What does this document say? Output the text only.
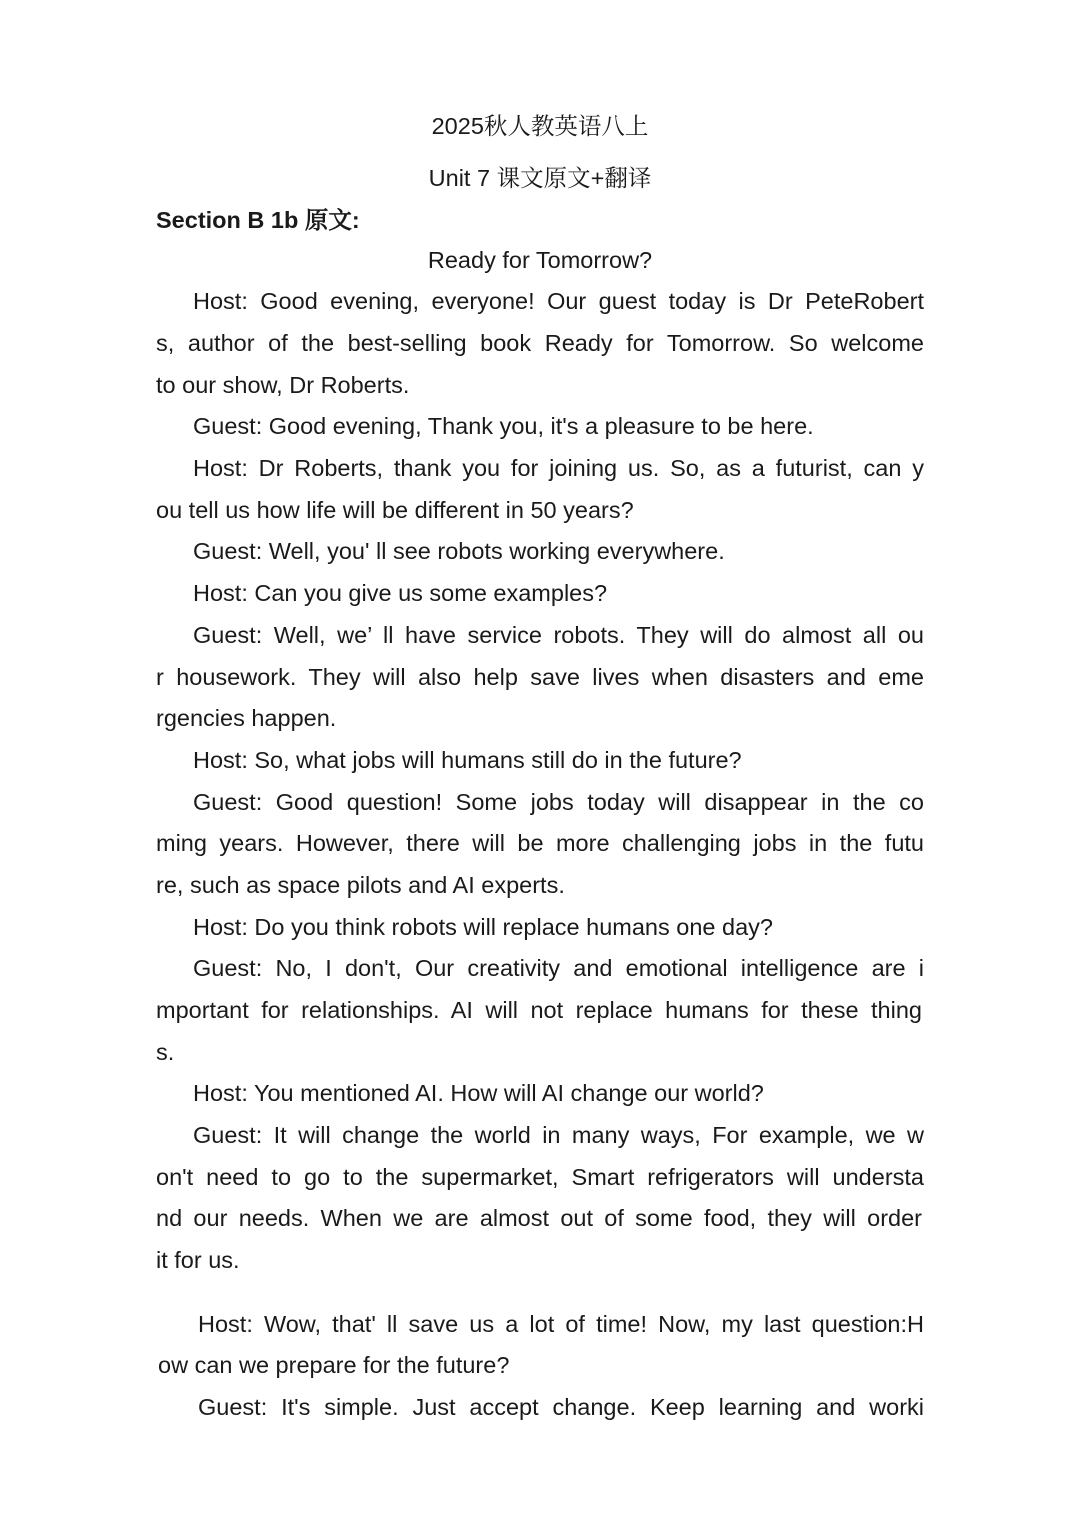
2025秋人教英语八上
Unit 7 课文原文+翻译
Section B 1b 原文:
Ready for Tomorrow?
Host: Good evening, everyone! Our guest today is Dr PeteRobert
s, author of the best-selling book Ready for Tomorrow. So welcome
to our show, Dr Roberts.
Guest: Good evening, Thank you, it's a pleasure to be here.
Host: Dr Roberts, thank you for joining us. So, as a futurist, can y
ou tell us how life will be different in 50 years?
Guest: Well, you' ll see robots working everywhere.
Host: Can you give us some examples?
Guest: Well, we’ ll have service robots. They will do almost all ou
r housework. They will also help save lives when disasters and eme
rgencies happen.
Host: So, what jobs will humans still do in the future?
Guest: Good question! Some jobs today will disappear in the co
ming years. However, there will be more challenging jobs in the futu
re, such as space pilots and AI experts.
Host: Do you think robots will replace humans one day?
Guest: No, I don't, Our creativity and emotional intelligence are i
mportant for relationships. AI will not replace humans for these thing
s.
Host: You mentioned AI. How will AI change our world?
Guest: It will change the world in many ways, For example, we w
on't need to go to the supermarket, Smart refrigerators will understa
nd our needs. When we are almost out of some food, they will order
it for us.
Host: Wow, that' ll save us a lot of time! Now, my last question:H
ow can we prepare for the future?
Guest: It's simple. Just accept change. Keep learning and worki
